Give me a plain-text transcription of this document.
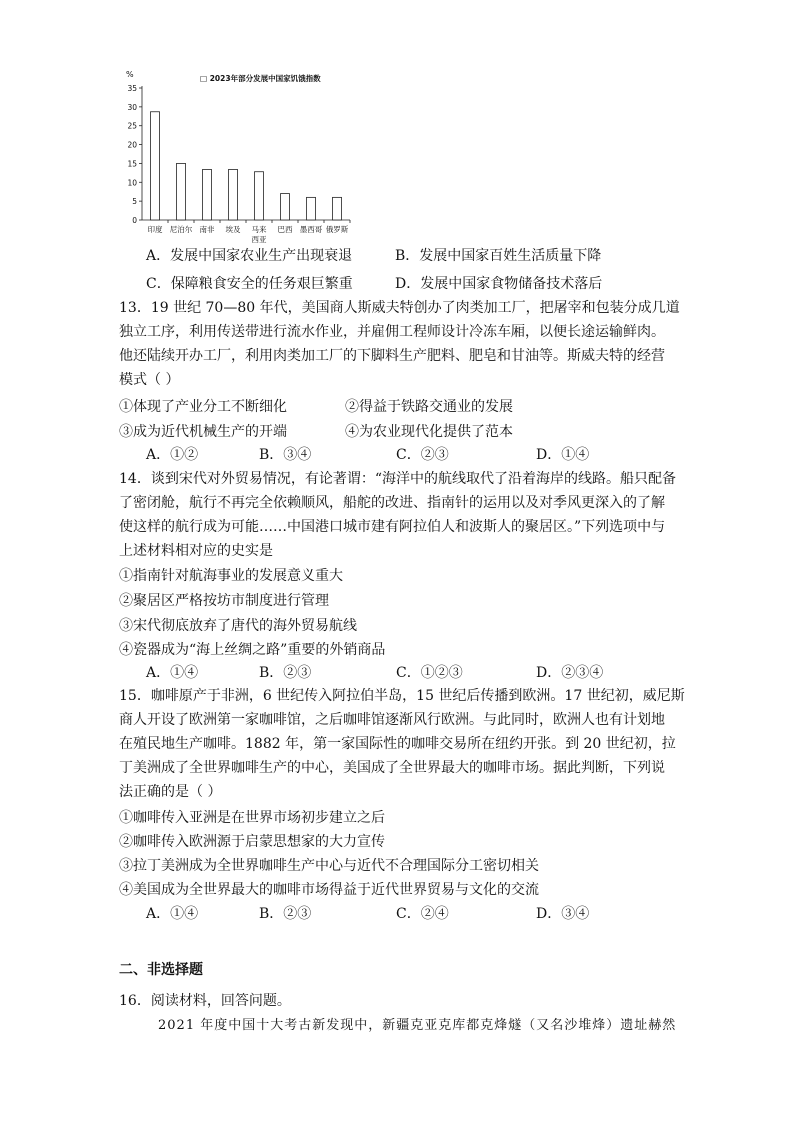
%	□ 2023年部分发展中国家饥饿指数
0
5
10
15
20
25
30
35
印度 尼泊尔 南非 埃及 马来
西亚
巴西 墨西哥 俄罗斯
A．发展中国家农业生产出现衰退	B．发展中国家百姓生活质量下降
C．保障粮食安全的任务艰巨繁重	D．发展中国家食物储备技术落后
13．19 世纪 70—80 年代，美国商人斯威夫特创办了肉类加工厂，把屠宰和包装分成几道
独立工序，利用传送带进行流水作业，并雇佣工程师设计冷冻车厢，以便长途运输鲜肉。
他还陆续开办工厂，利用肉类加工厂的下脚料生产肥料、肥皂和甘油等。斯威夫特的经营
模式（ ）
①体现了产业分工不断细化	②得益于铁路交通业的发展
③成为近代机械生产的开端	④为农业现代化提供了范本
A．①②	B．③④	C．②③	D．①④
14．谈到宋代对外贸易情况，有论著谓：“海洋中的航线取代了沿着海岸的线路。船只配备
了密闭舱，航行不再完全依赖顺风，船舵的改进、指南针的运用以及对季风更深入的了解
使这样的航行成为可能……中国港口城市建有阿拉伯人和波斯人的聚居区。”下列选项中与
上述材料相对应的史实是
①指南针对航海事业的发展意义重大
②聚居区严格按坊市制度进行管理
③宋代彻底放弃了唐代的海外贸易航线
④瓷器成为“海上丝绸之路”重要的外销商品
A．①④	B．②③	C．①②③	D．②③④
15．咖啡原产于非洲，6 世纪传入阿拉伯半岛，15 世纪后传播到欧洲。17 世纪初，威尼斯
商人开设了欧洲第一家咖啡馆，之后咖啡馆逐渐风行欧洲。与此同时，欧洲人也有计划地
在殖民地生产咖啡。1882 年，第一家国际性的咖啡交易所在纽约开张。到 20 世纪初，拉
丁美洲成了全世界咖啡生产的中心，美国成了全世界最大的咖啡市场。据此判断，下列说
法正确的是（ ）
①咖啡传入亚洲是在世界市场初步建立之后
②咖啡传入欧洲源于启蒙思想家的大力宣传
③拉丁美洲成为全世界咖啡生产中心与近代不合理国际分工密切相关
④美国成为全世界最大的咖啡市场得益于近代世界贸易与文化的交流
A．①④	B．②③	C．②④	D．③④
二、非选择题
16．阅读材料，回答问题。
2021 年度中国十大考古新发现中，新疆克亚克库都克烽燧（又名沙堆烽）遗址赫然
